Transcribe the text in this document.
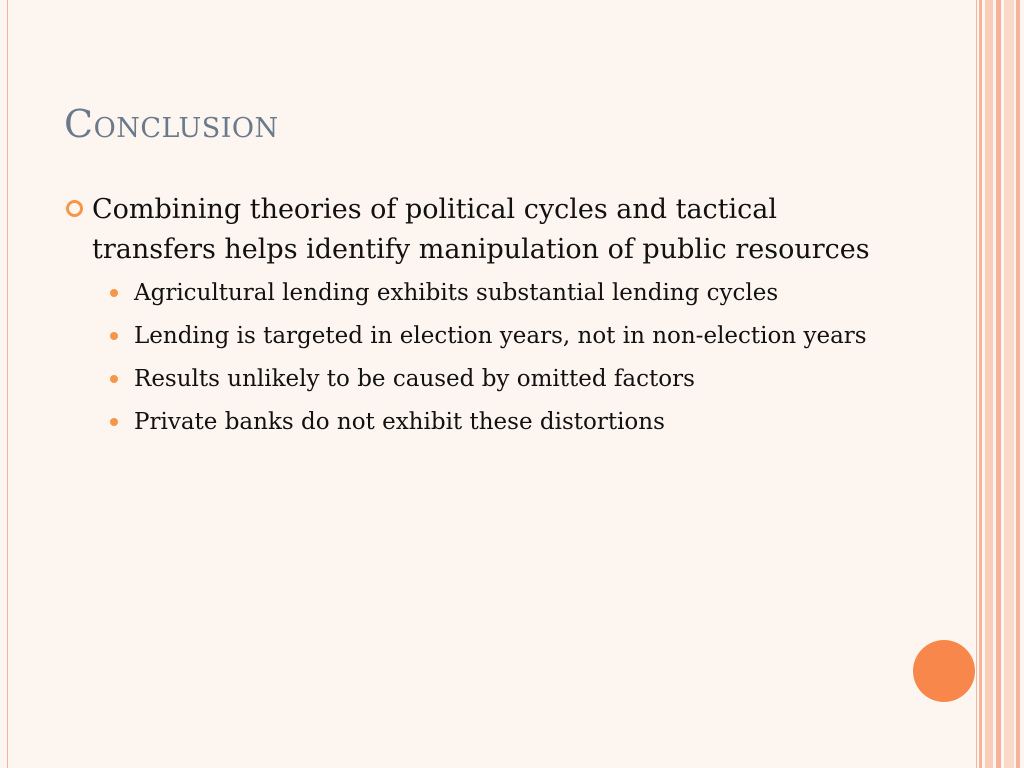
Conclusion
Combining theories of political cycles and tactical transfers helps identify manipulation of public resources
Agricultural lending exhibits substantial lending cycles
Lending is targeted in election years, not in non-election years
Results unlikely to be caused by omitted factors
Private banks do not exhibit these distortions
